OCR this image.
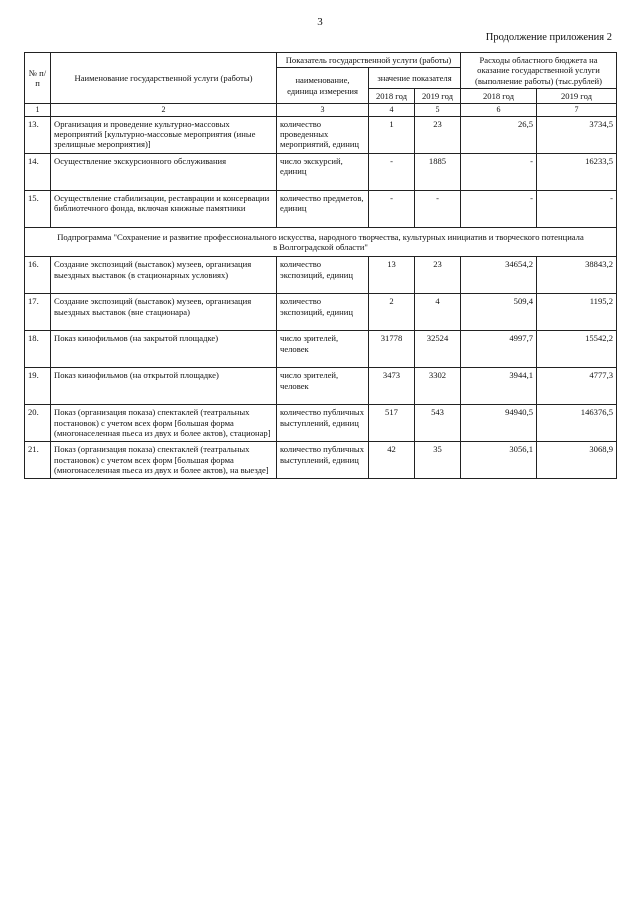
3
Продолжение приложения 2
№ п/п	Наименование государственной услуги (работы)	Показатель государственной услуги (работы)			Расходы областного бюджета на оказание государственной услуги (выполнение работы) (тыс.рублей)	
		наименование, единица измерения	значение показателя			
			2018 год	2019 год	2018 год	2019 год
1	2	3	4	5	6	7
13.	Организация и проведение культурно-массовых мероприятий [культурно-массовые мероприятия (иные зрелищные мероприятия)]	количество проведенных мероприятий, единиц	1	23	26,5	3734,5
14.	Осуществление экскурсионного обслуживания	число экскурсий, единиц	-	1885	-	16233,5
15.	Осуществление стабилизации, реставрации и консервации библиотечного фонда, включая книжные памятники	количество предметов, единиц	-	-	-	-
Подпрограмма "Сохранение и развитие профессионального искусства, народного творчества, культурных инициатив и творческого потенциала в Волгоградской области"						
16.	Создание экспозиций (выставок) музеев, организация выездных выставок (в стационарных условиях)	количество экспозиций, единиц	13	23	34654,2	38843,2
17.	Создание экспозиций (выставок) музеев, организация выездных выставок (вне стационара)	количество экспозиций, единиц	2	4	509,4	1195,2
18.	Показ кинофильмов (на закрытой площадке)	число зрителей, человек	31778	32524	4997,7	15542,2
19.	Показ кинофильмов (на открытой площадке)	число зрителей, человек	3473	3302	3944,1	4777,3
20.	Показ (организация показа) спектаклей (театральных постановок) с учетом всех форм [большая форма (многонаселенная пьеса из двух и более актов), стационар]	количество публичных выступлений, единиц	517	543	94940,5	146376,5
21.	Показ (организация показа) спектаклей (театральных постановок) с учетом всех форм [большая форма (многонаселенная пьеса из двух и более актов), на выезде]	количество публичных выступлений, единиц	42	35	3056,1	3068,9
